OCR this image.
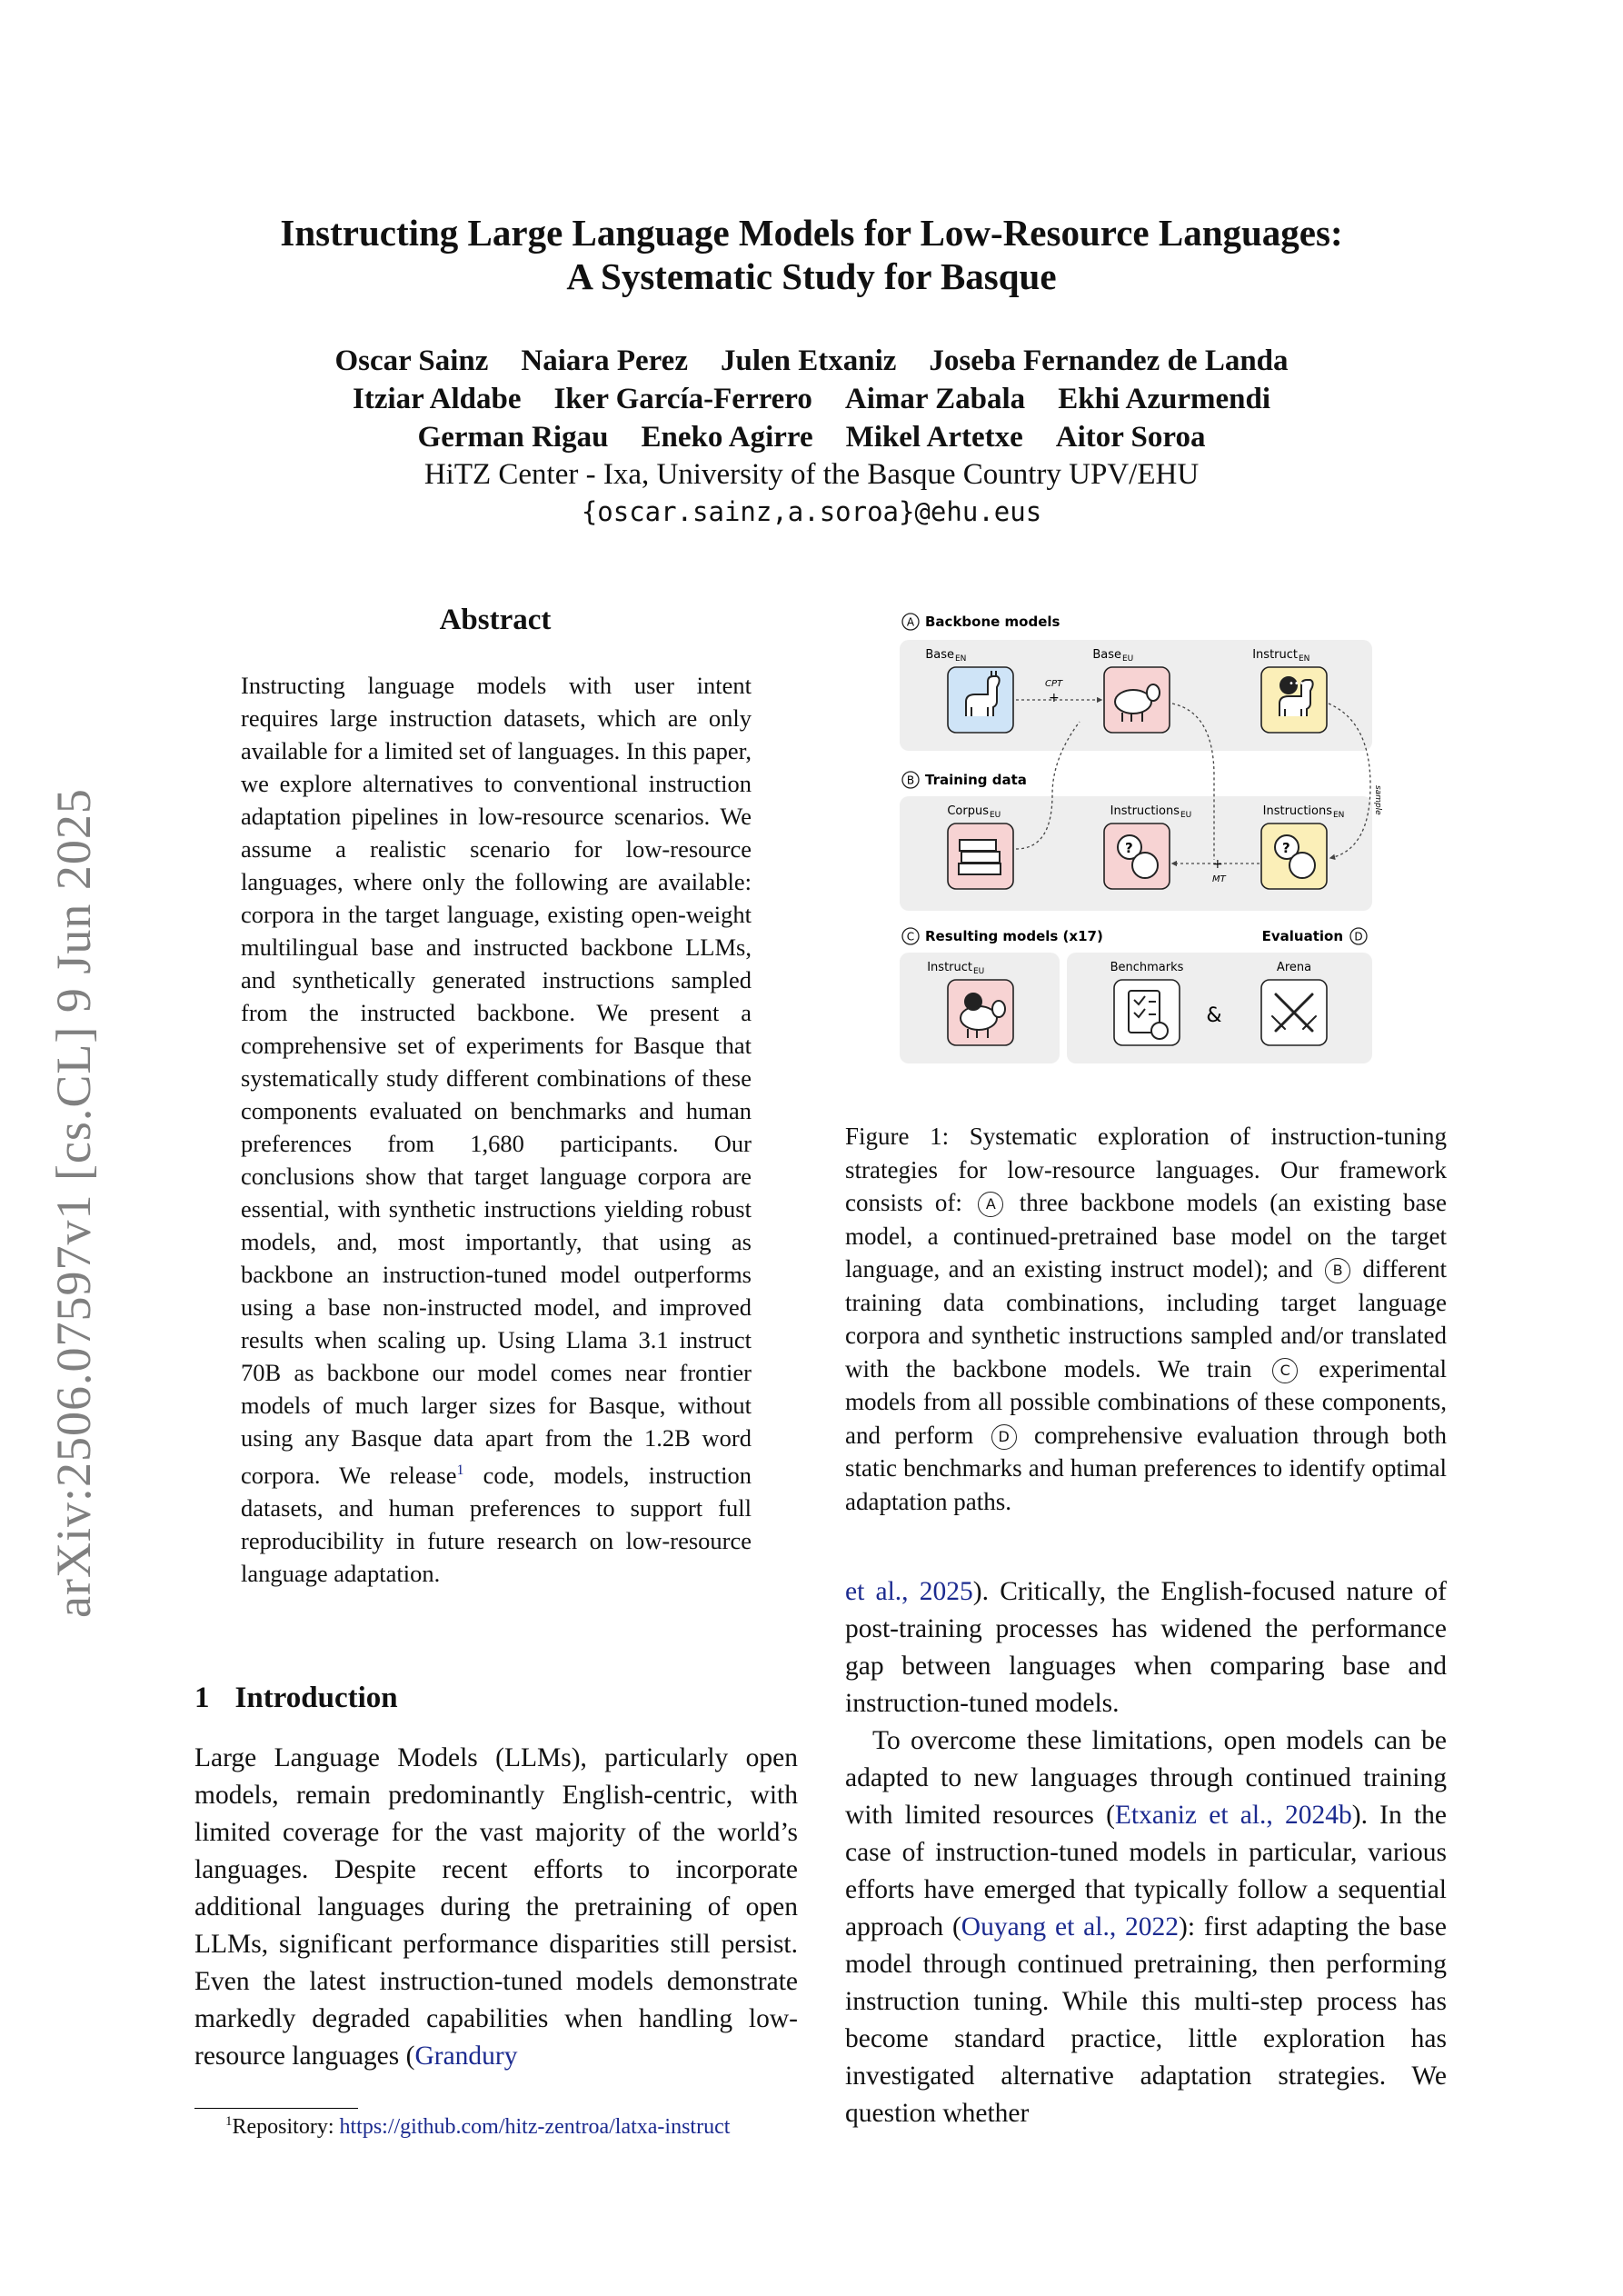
arXiv:2506.07597v1 [cs.CL] 9 Jun 2025
Instructing Large Language Models for Low-Resource Languages:
A Systematic Study for Basque
Oscar Sainz Naiara Perez Julen Etxaniz Joseba Fernandez de Landa
Itziar Aldabe Iker García-Ferrero Aimar Zabala Ekhi Azurmendi
German Rigau Eneko Agirre Mikel Artetxe Aitor Soroa
HiTZ Center - Ixa, University of the Basque Country UPV/EHU
{oscar.sainz,a.soroa}@ehu.eus
Abstract
Instructing language models with user intent requires large instruction datasets, which are only available for a limited set of languages. In this paper, we explore alternatives to conventional instruction adaptation pipelines in low-resource scenarios. We assume a realistic scenario for low-resource languages, where only the following are available: corpora in the target language, existing open-weight multilingual base and instructed backbone LLMs, and synthetically generated instructions sampled from the instructed backbone. We present a comprehensive set of experiments for Basque that systematically study different combinations of these components evaluated on benchmarks and human preferences from 1,680 participants. Our conclusions show that target language corpora are essential, with synthetic instructions yielding robust models, and, most importantly, that using as backbone an instruction-tuned model outperforms using a base non-instructed model, and improved results when scaling up. Using Llama 3.1 instruct 70B as backbone our model comes near frontier models of much larger sizes for Basque, without using any Basque data apart from the 1.2B word corpora. We release$^1$ code, models, instruction datasets, and human preferences to support full reproducibility in future research on low-resource language adaptation.
1 Introduction
Large Language Models (LLMs), particularly open models, remain predominantly English-centric, with limited coverage for the vast majority of the world’s languages. Despite recent efforts to incorporate additional languages during the pretraining of open LLMs, significant performance disparities still persist. Even the latest instruction-tuned models demonstrate markedly degraded capabilities when handling low-resource languages (Grandury
$^1$Repository: https://github.com/hitz-zentroa/latxa-instruct
A Backbone models
Base EN	Base EU	Instruct EN
•••
CPT
+
B Training data
Corpus EU	Instructions EU
?
Instructions EN
?
+
MT
sample
C Resulting models (x17)	Evaluation D
Instruct EU	Benchmarks
&
Arena
Figure 1: Systematic exploration of instruction-tuning strategies for low-resource languages. Our framework consists of: A three backbone models (an existing base model, a continued-pretrained base model on the target language, and an existing instruct model); and B different training data combinations, including target language corpora and synthetic instructions sampled and/or translated with the backbone models. We train C experimental models from all possible combinations of these components, and perform D comprehensive evaluation through both static benchmarks and human preferences to identify optimal adaptation paths.

et al., 2025). Critically, the English-focused nature of post-training processes has widened the performance gap between languages when comparing base and instruction-tuned models.

To overcome these limitations, open models can be adapted to new languages through continued training with limited resources (Etxaniz et al., 2024b). In the case of instruction-tuned models in particular, various efforts have emerged that typically follow a sequential approach (Ouyang et al., 2022): first adapting the base model through continued pretraining, then performing instruction tuning. While this multi-step process has become standard practice, little exploration has investigated alternative adaptation strategies. We question whether
